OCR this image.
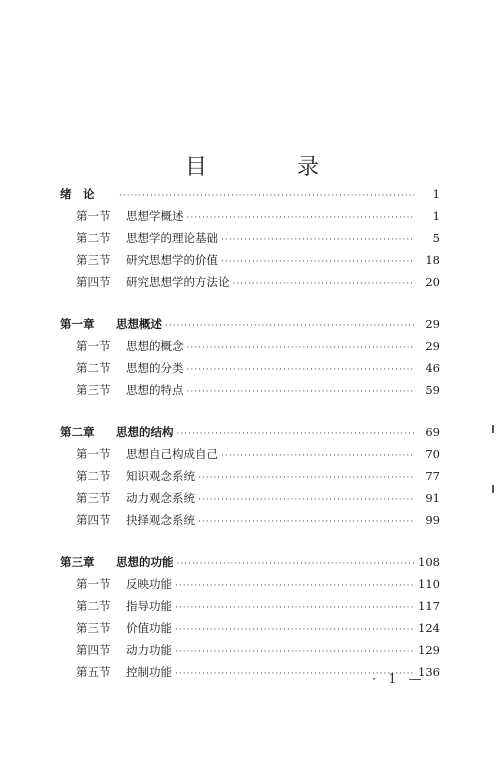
目　录
绪　论 ·····	1
第一节	思想学概述 ·····	1
第二节	思想学的理论基础 ·····	5
第三节	研究思想学的价值 ·····	18
第四节	研究思想学的方法论 ·····	20
第一章	思想概述 ·····	29
第一节	思想的概念 ·····	29
第二节	思想的分类 ·····	46
第三节	思想的特点 ·····	59
第二章	思想的结构 ·····	69
第一节	思想自己构成自己 ·····	70
第二节	知识观念系统 ·····	77
第三节	动力观念系统 ·····	91
第四节	抉择观念系统 ·····	99
第三章	思想的功能 ·····	108
第一节	反映功能 ·····	110
第二节	指导功能 ·····	117
第三节	价值功能 ·····	124
第四节	动力功能 ·····	129
第五节	控制功能 ·····	136
· 1 —
